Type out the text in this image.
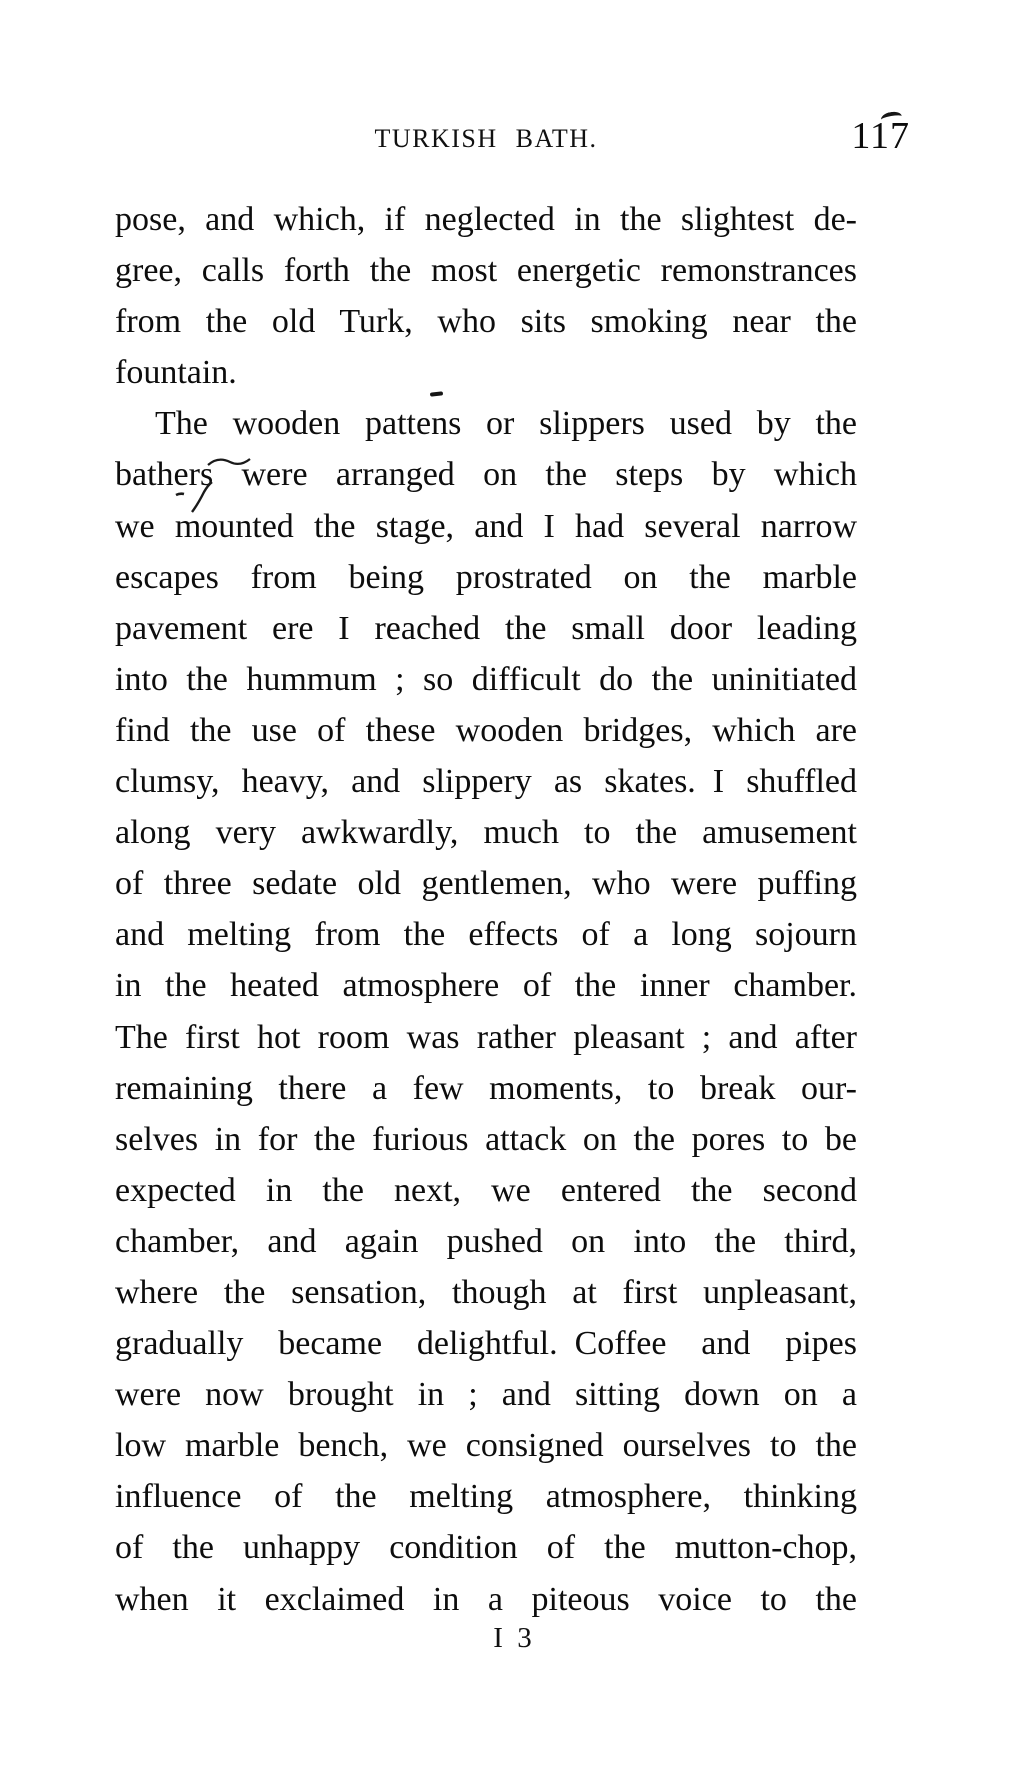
TURKISH BATH.	117
pose, and which, if neglected in the slightest de-
gree, calls forth the most energetic remonstrances
from the old Turk, who sits smoking near the
fountain.
The wooden pattens or slippers used by the
bathers were arranged on the steps by which
we mounted the stage, and I had several narrow
escapes from being prostrated on the marble
pavement ere I reached the small door leading
into the hummum ; so difficult do the uninitiated
find the use of these wooden bridges, which are
clumsy, heavy, and slippery as skates. I shuffled
along very awkwardly, much to the amusement
of three sedate old gentlemen, who were puffing
and melting from the effects of a long sojourn
in the heated atmosphere of the inner chamber.
The first hot room was rather pleasant ; and after
remaining there a few moments, to break our-
selves in for the furious attack on the pores to be
expected in the next, we entered the second
chamber, and again pushed on into the third,
where the sensation, though at first unpleasant,
gradually became delightful. Coffee and pipes
were now brought in ; and sitting down on a
low marble bench, we consigned ourselves to the
influence of the melting atmosphere, thinking
of the unhappy condition of the mutton-chop,
when it exclaimed in a piteous voice to the
I 3
